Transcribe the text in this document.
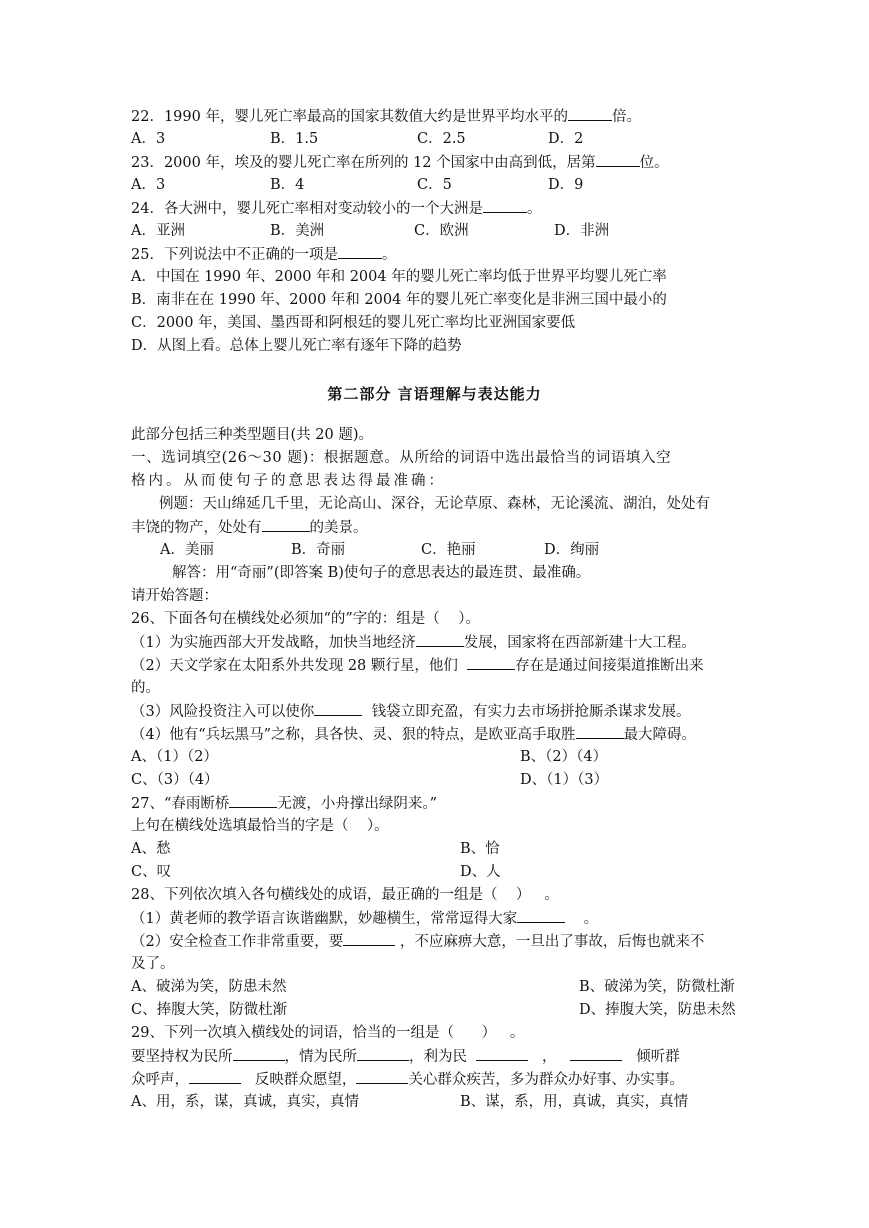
22．1990 年，婴儿死亡率最高的国家其数值大约是世界平均水平的	倍。
A．3	B．1.5	C．2.5	D．2
23．2000 年，埃及的婴儿死亡率在所列的 12 个国家中由高到低，居第	位。
A．3	B．4	C．5	D．9
24．各大洲中，婴儿死亡率相对变动较小的一个大洲是	。
A．亚洲	B．美洲	C．欧洲	D．非洲
25．下列说法中不正确的一项是	。
A．中国在 1990 年、2000 年和 2004 年的婴儿死亡率均低于世界平均婴儿死亡率
B．南非在在 1990 年、2000 年和 2004 年的婴儿死亡率变化是非洲三国中最小的
C．2000 年，美国、墨西哥和阿根廷的婴儿死亡率均比亚洲国家要低
D．从图上看。总体上婴儿死亡率有逐年下降的趋势
第二部分 言语理解与表达能力
此部分包括三种类型题目(共 20 题)。
一、选词填空(26～30 题)：根据题意。从所给的词语中选出最恰当的词语填入空
格内。从而使句子的意思表达得最准确：
例题：天山绵延几千里，无论高山、深谷，无论草原、森林，无论溪流、湖泊，处处有
丰饶的物产，处处有	的美景。
A．美丽	B．奇丽	C．艳丽	D．绚丽
解答：用“奇丽”(即答案 B)使句子的意思表达的最连贯、最准确。
请开始答题：
26、下面各句在横线处必须加“的”字的：组是（    ）。
（1）为实施西部大开发战略，加快当地经济	发展，国家将在西部新建十大工程。
（2）天文学家在太阳系外共发现 28 颗行星，他们	存在是通过间接渠道推断出来
的。
（3）风险投资注入可以使你	钱袋立即充盈，有实力去市场拼抢厮杀谋求发展。
（4）他有“兵坛黑马”之称，具各快、灵、狠的特点，是欧亚高手取胜	最大障碍。
A、（1）（2）	B、（2）（4）
C、（3）（4）	D、（1）（3）
27、“春雨断桥	无渡，小舟撑出绿阴来。”
上句在横线处选填最恰当的字是（    ）。
A、愁	B、恰
C、叹	D、人
28、下列依次填入各句横线处的成语，最正确的一组是（    ）   。
（1）黄老师的教学语言诙谐幽默，妙趣横生，常常逗得大家	。
（2）安全检查工作非常重要，要	，不应麻痹大意，一旦出了事故，后悔也就来不
及了。
A、破涕为笑，防患未然	B、破涕为笑，防微杜渐
C、捧腹大笑，防微杜渐	D、捧腹大笑，防患未然
29、下列一次填入横线处的词语，恰当的一组是（      ）   。
要坚持权为民所	，情为民所	，利为民	，	倾听群
众呼声，	反映群众愿望，	关心群众疾苦，多为群众办好事、办实事。
A、用，系，谋，真诚，真实，真情	B、谋，系，用，真诚，真实，真情
